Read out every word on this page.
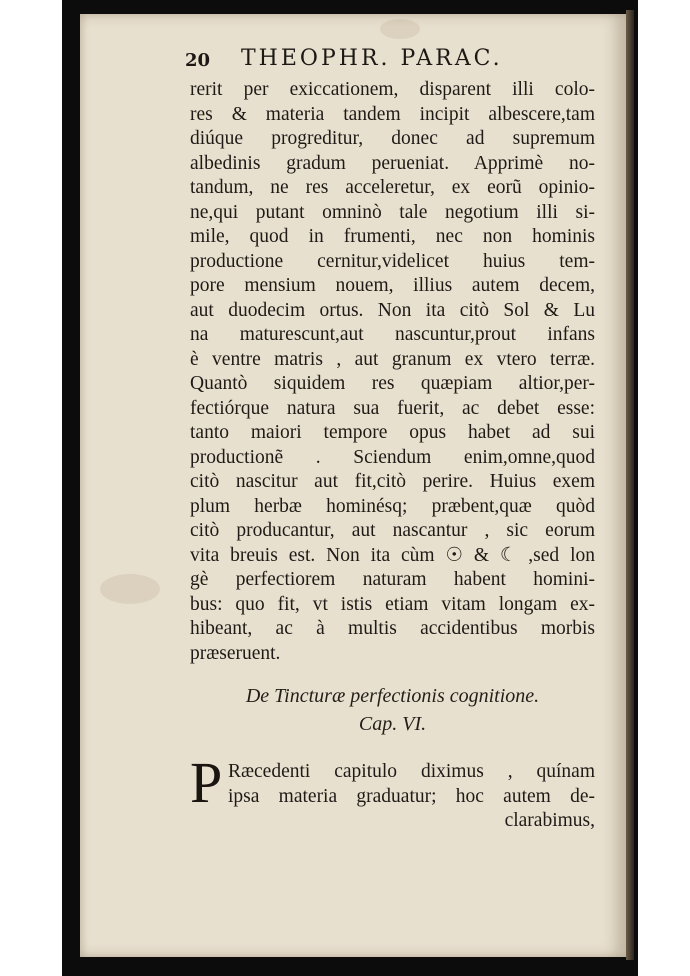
20 THEOPHR. PARAC.
rerit per exiccationem, disparent illi colo-
res & materia tandem incipit albescere,tam
diúque progreditur, donec ad supremum
albedinis gradum perueniat. Apprimè no-
tandum, ne res acceleretur, ex eorũ opinio-
ne,qui putant omninò tale negotium illi si-
mile, quod in frumenti, nec non hominis
productione cernitur,videlicet huius tem-
pore mensium nouem, illius autem decem,
aut duodecim ortus. Non ita citò Sol & Lu
na maturescunt,aut nascuntur,prout infans
è ventre matris , aut granum ex vtero terræ.
Quantò siquidem res quæpiam altior,per-
fectiórque natura sua fuerit, ac debet esse:
tanto maiori tempore opus habet ad sui
productionẽ . Sciendum enim,omne,quod
citò nascitur aut fit,citò perire. Huius exem
plum herbæ hominésq; præbent,quæ quòd
citò producantur, aut nascantur , sic eorum
vita breuis est. Non ita cùm ☉ & ☾ ,sed lon
gè perfectiorem naturam habent homini-
bus: quo fit, vt istis etiam vitam longam ex-
hibeant, ac à multis accidentibus morbis
præseruent.
De Tincturæ perfectionis cognitione.
Cap. VI.
P Ræcedenti capitulo diximus , quínam
ipsa materia graduatur; hoc autem de-
clarabimus,
